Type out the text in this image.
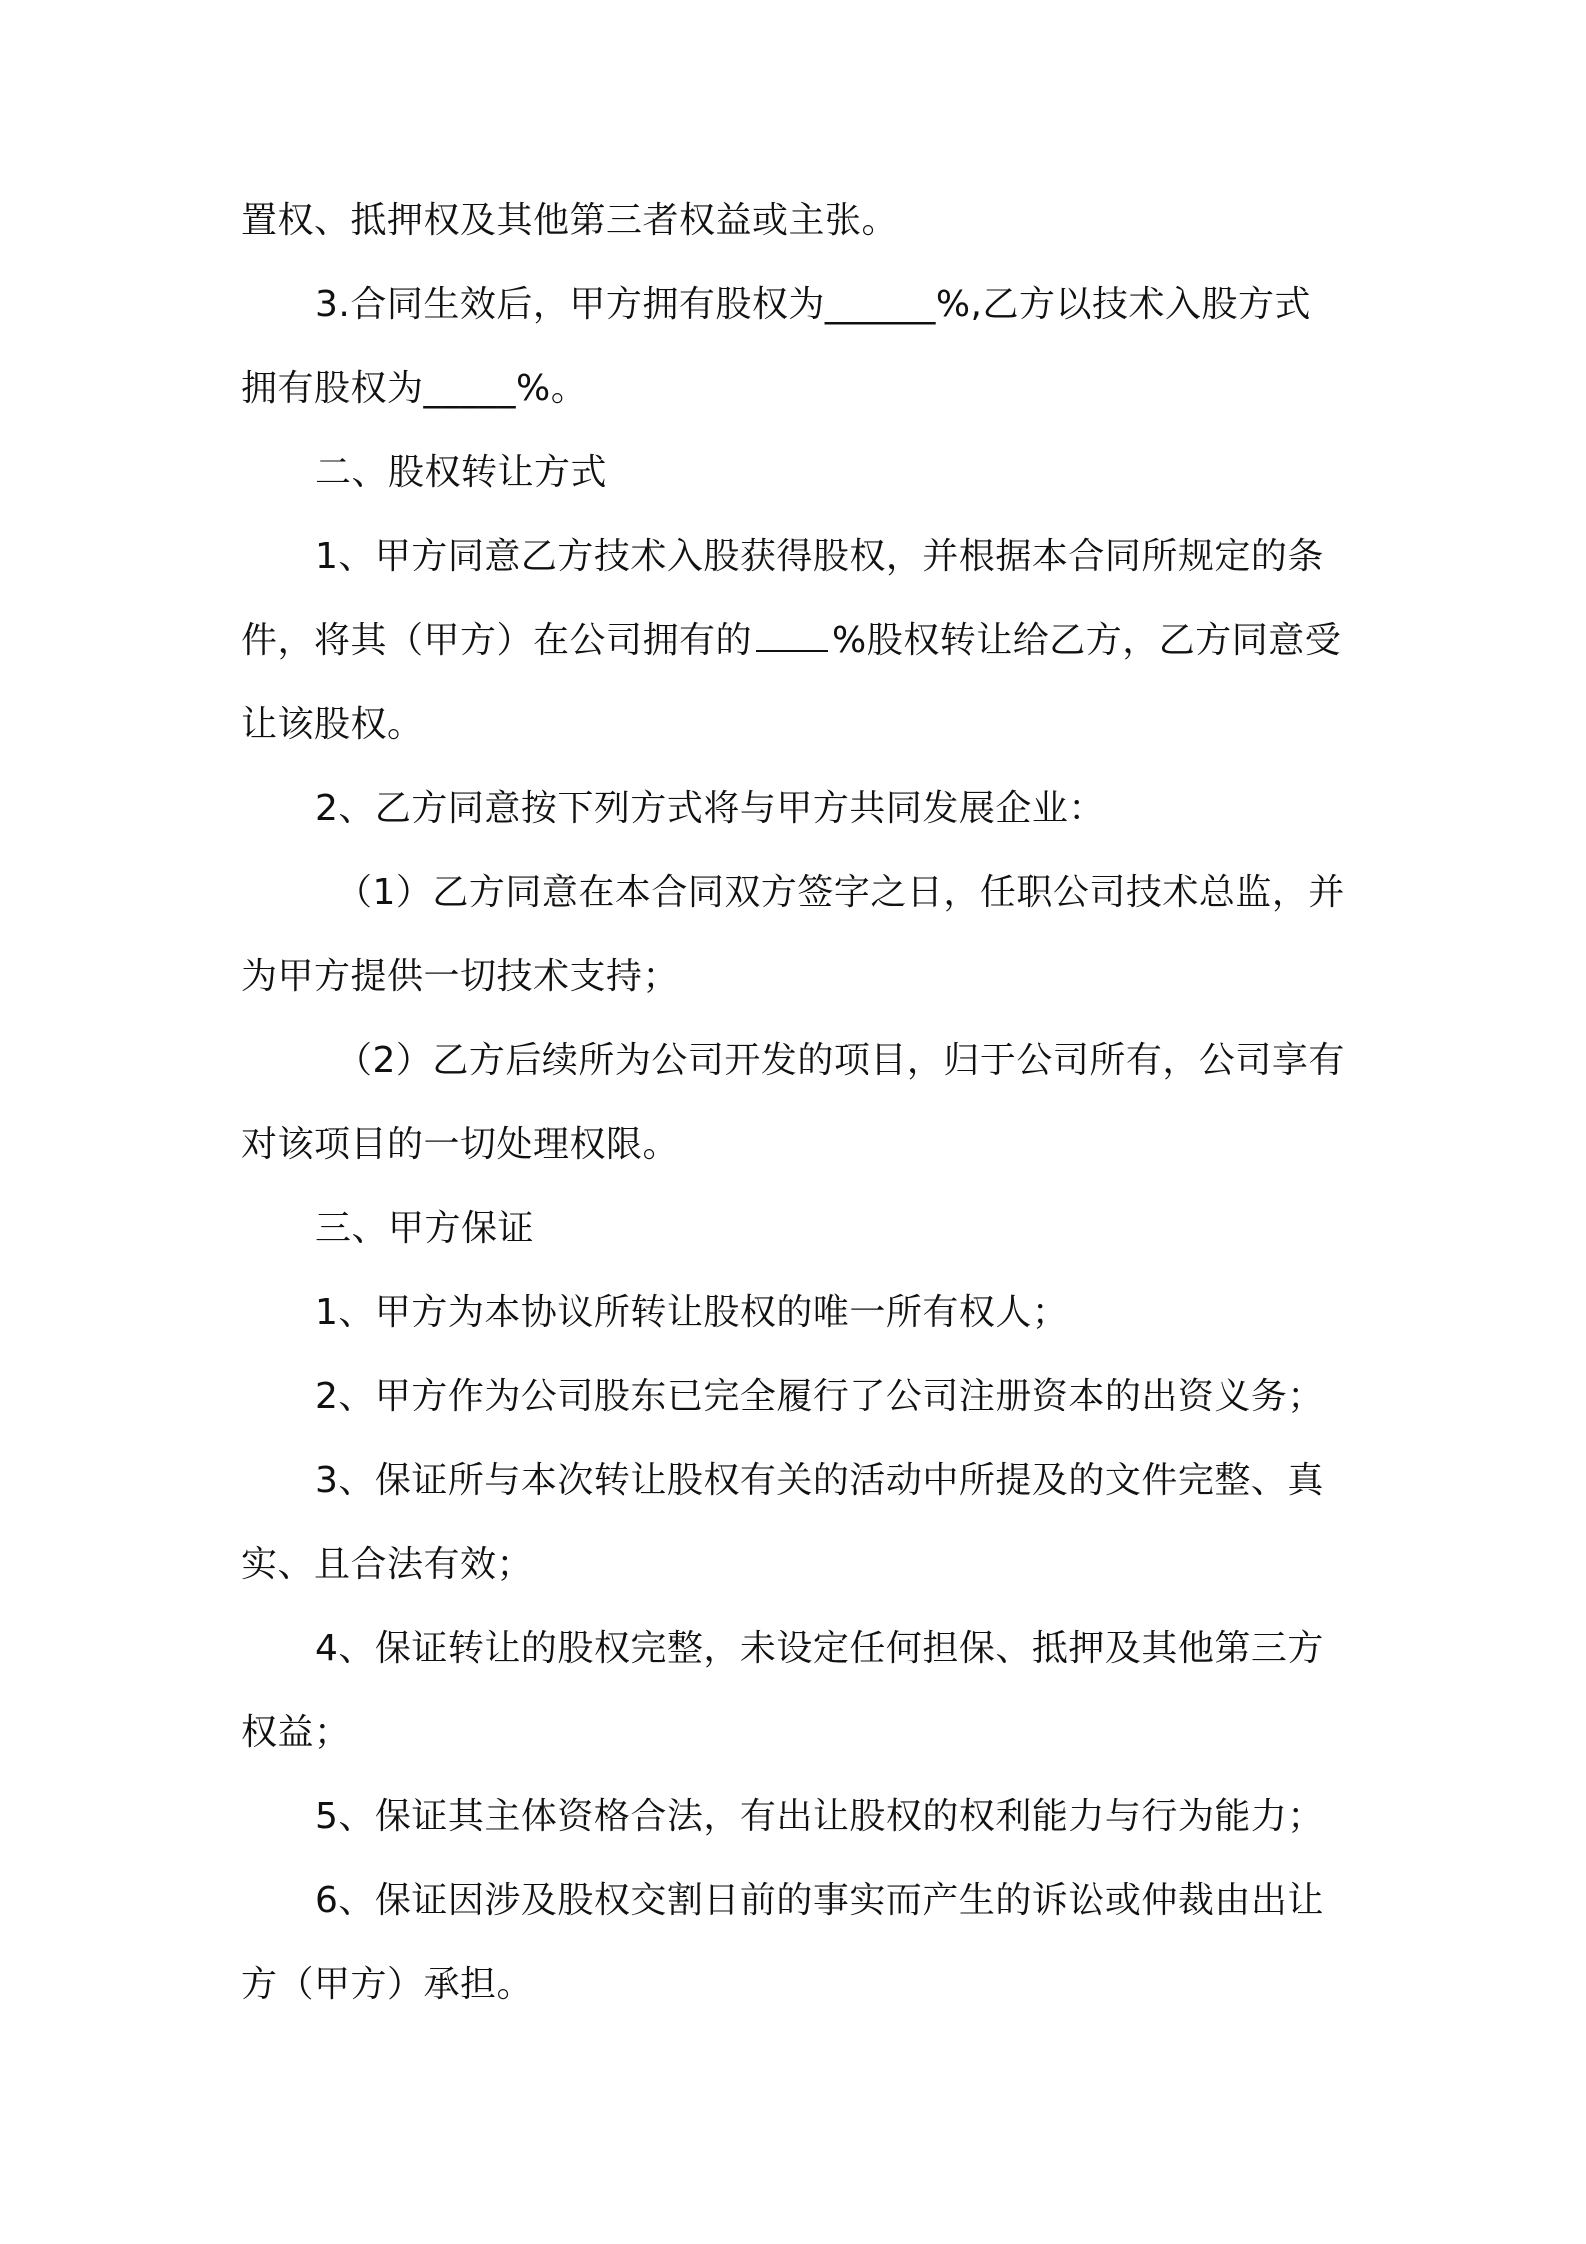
置权、抵押权及其他第三者权益或主张。

3.合同生效后，甲方拥有股权为______%,乙方以技术入股方式

拥有股权为_____%。

二、股权转让方式

1、甲方同意乙方技术入股获得股权，并根据本合同所规定的条

件，将其（甲方）在公司拥有的 %股权转让给乙方，乙方同意受

让该股权。

2、乙方同意按下列方式将与甲方共同发展企业：

（1）乙方同意在本合同双方签字之日，任职公司技术总监，并

为甲方提供一切技术支持；

（2）乙方后续所为公司开发的项目，归于公司所有，公司享有

对该项目的一切处理权限。

三、甲方保证

1、甲方为本协议所转让股权的唯一所有权人；

2、甲方作为公司股东已完全履行了公司注册资本的出资义务；

3、保证所与本次转让股权有关的活动中所提及的文件完整、真

实、且合法有效；

4、保证转让的股权完整，未设定任何担保、抵押及其他第三方

权益；

5、保证其主体资格合法，有出让股权的权利能力与行为能力；

6、保证因涉及股权交割日前的事实而产生的诉讼或仲裁由出让

方（甲方）承担。
